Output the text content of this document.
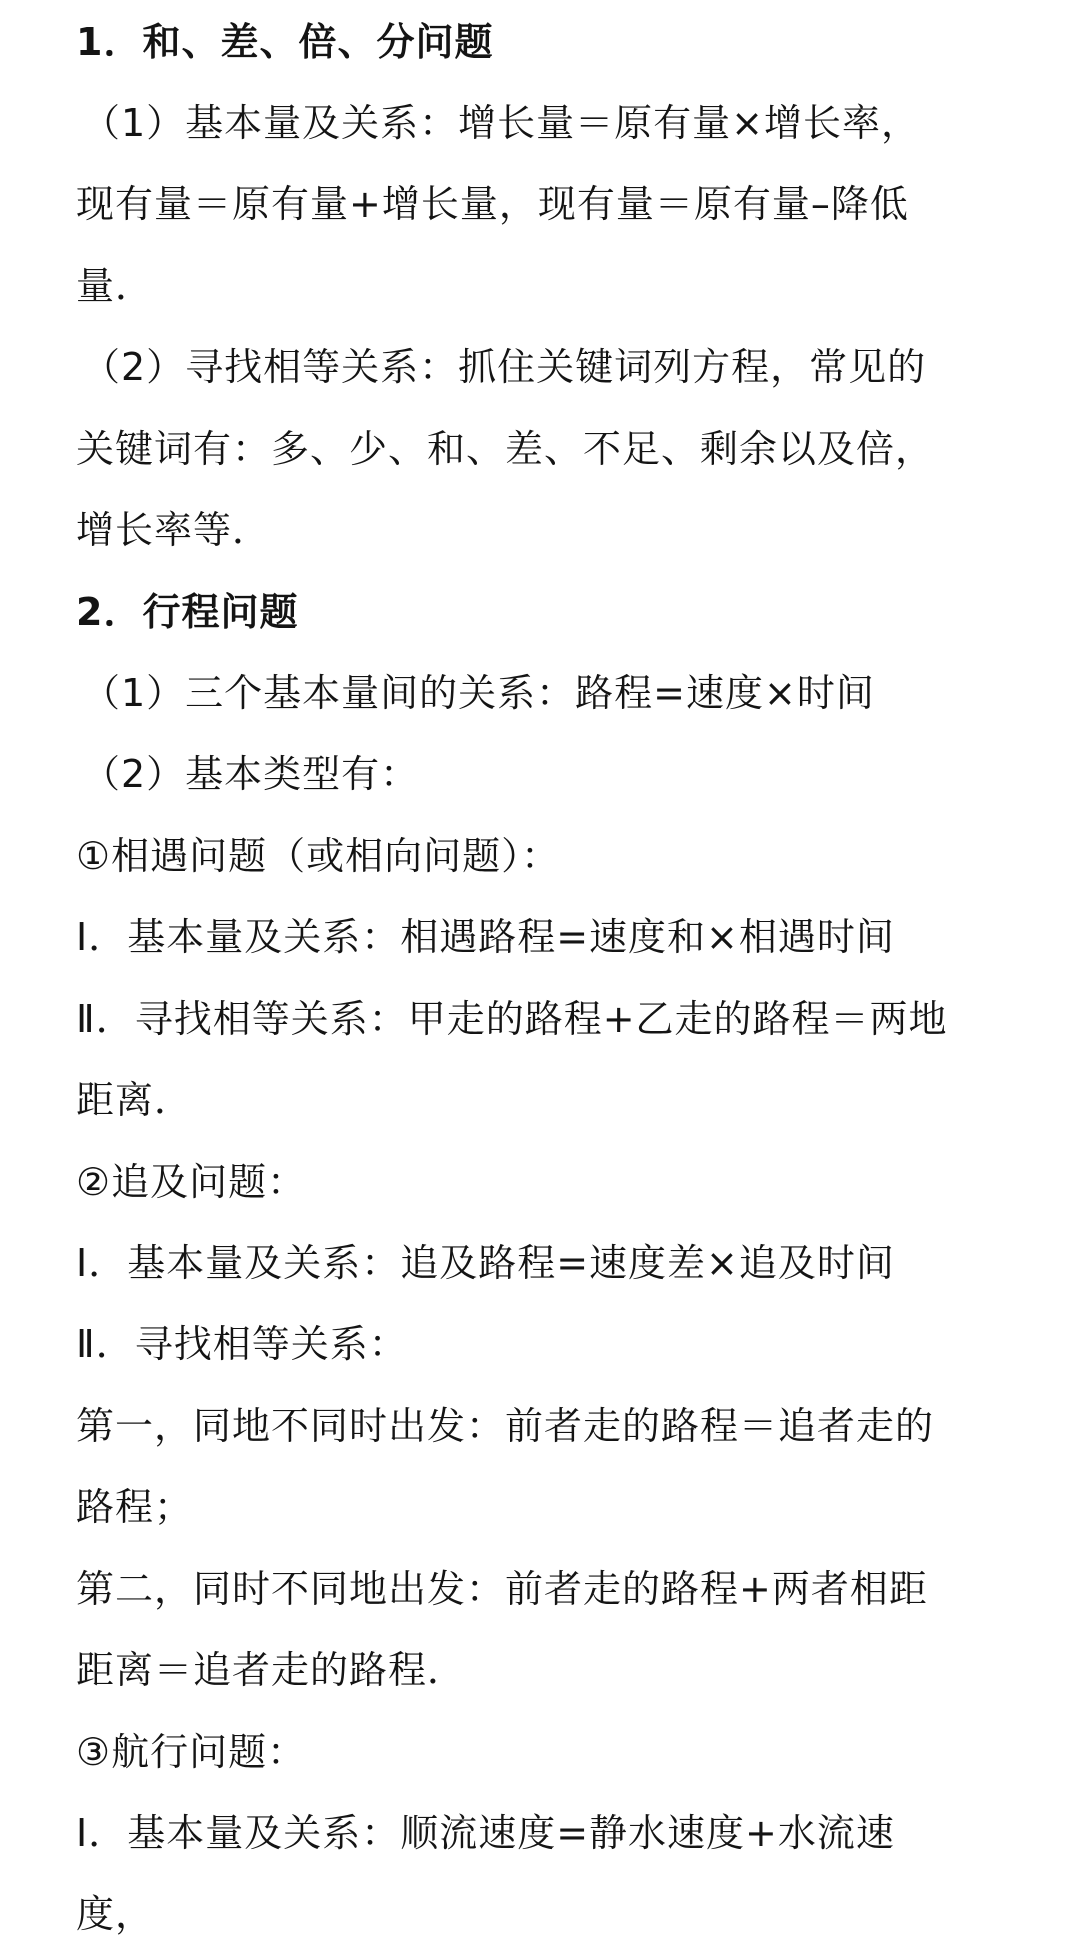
1．和、差、倍、分问题
（1）基本量及关系：增长量＝原有量×增长率，
现有量＝原有量+增长量，现有量＝原有量–降低
量．
（2）寻找相等关系：抓住关键词列方程，常见的
关键词有：多、少、和、差、不足、剩余以及倍，
增长率等．
2．行程问题
（1）三个基本量间的关系：路程=速度×时间
（2）基本类型有：
①相遇问题（或相向问题）：
Ⅰ．基本量及关系：相遇路程=速度和×相遇时间
Ⅱ．寻找相等关系：甲走的路程+乙走的路程＝两地
距离．
②追及问题：
Ⅰ．基本量及关系：追及路程=速度差×追及时间
Ⅱ．寻找相等关系：
第一，同地不同时出发：前者走的路程＝追者走的
路程；
第二，同时不同地出发：前者走的路程+两者相距
距离＝追者走的路程．
③航行问题：
Ⅰ．基本量及关系：顺流速度=静水速度+水流速
度，
